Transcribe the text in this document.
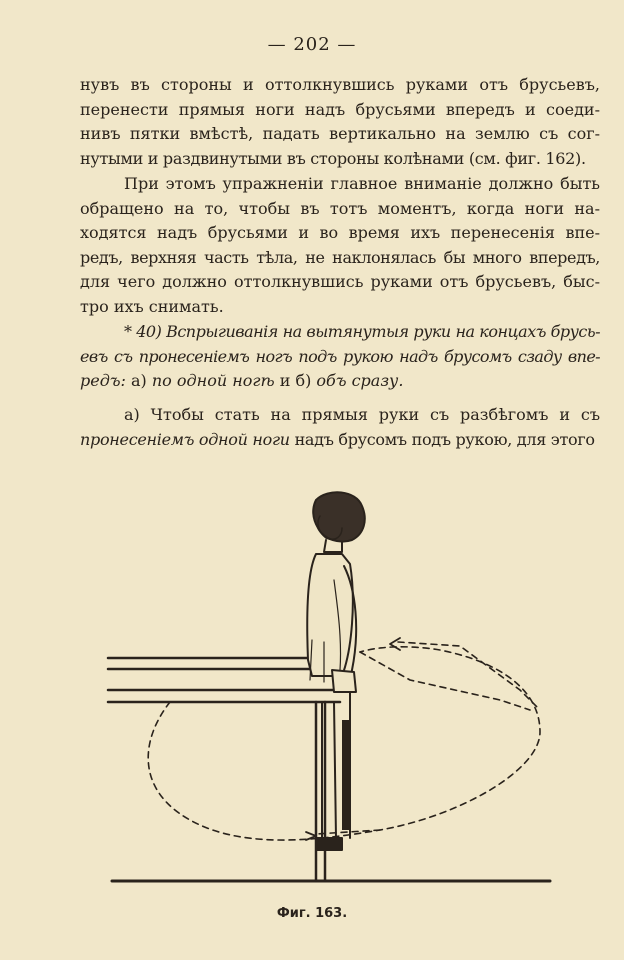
— 202 —
нувъ въ стороны и оттолкнувшись руками отъ брусьевъ,
перенести прямыя ноги надъ брусьями впередъ и соеди-
нивъ пятки вмѣстѣ, падать вертикально на землю съ сог-
нутыми и раздвинутыми въ стороны колѣнами (см. фиг. 162).
При этомъ упражненіи главное вниманіе должно быть
обращено на то, чтобы въ тотъ моментъ, когда ноги на-
ходятся надъ брусьями и во время ихъ перенесенія впе-
редъ, верхняя часть тѣла, не наклонялась бы много впередъ,
для чего должно оттолкнувшись руками отъ брусьевъ, быс-
тро ихъ снимать.
* 40) Вспрыгиванія на вытянутыя руки на концахъ брусь-
евъ съ пронесеніемъ ногъ подъ рукою надъ брусомъ сзаду впе-
редъ: а) по одной ногѣ и б) объ сразу.
а) Чтобы стать на прямыя руки съ разбѣгомъ и съ
пронесеніемъ одной ноги надъ брусомъ подъ рукою, для этого
Фиг. 163.
